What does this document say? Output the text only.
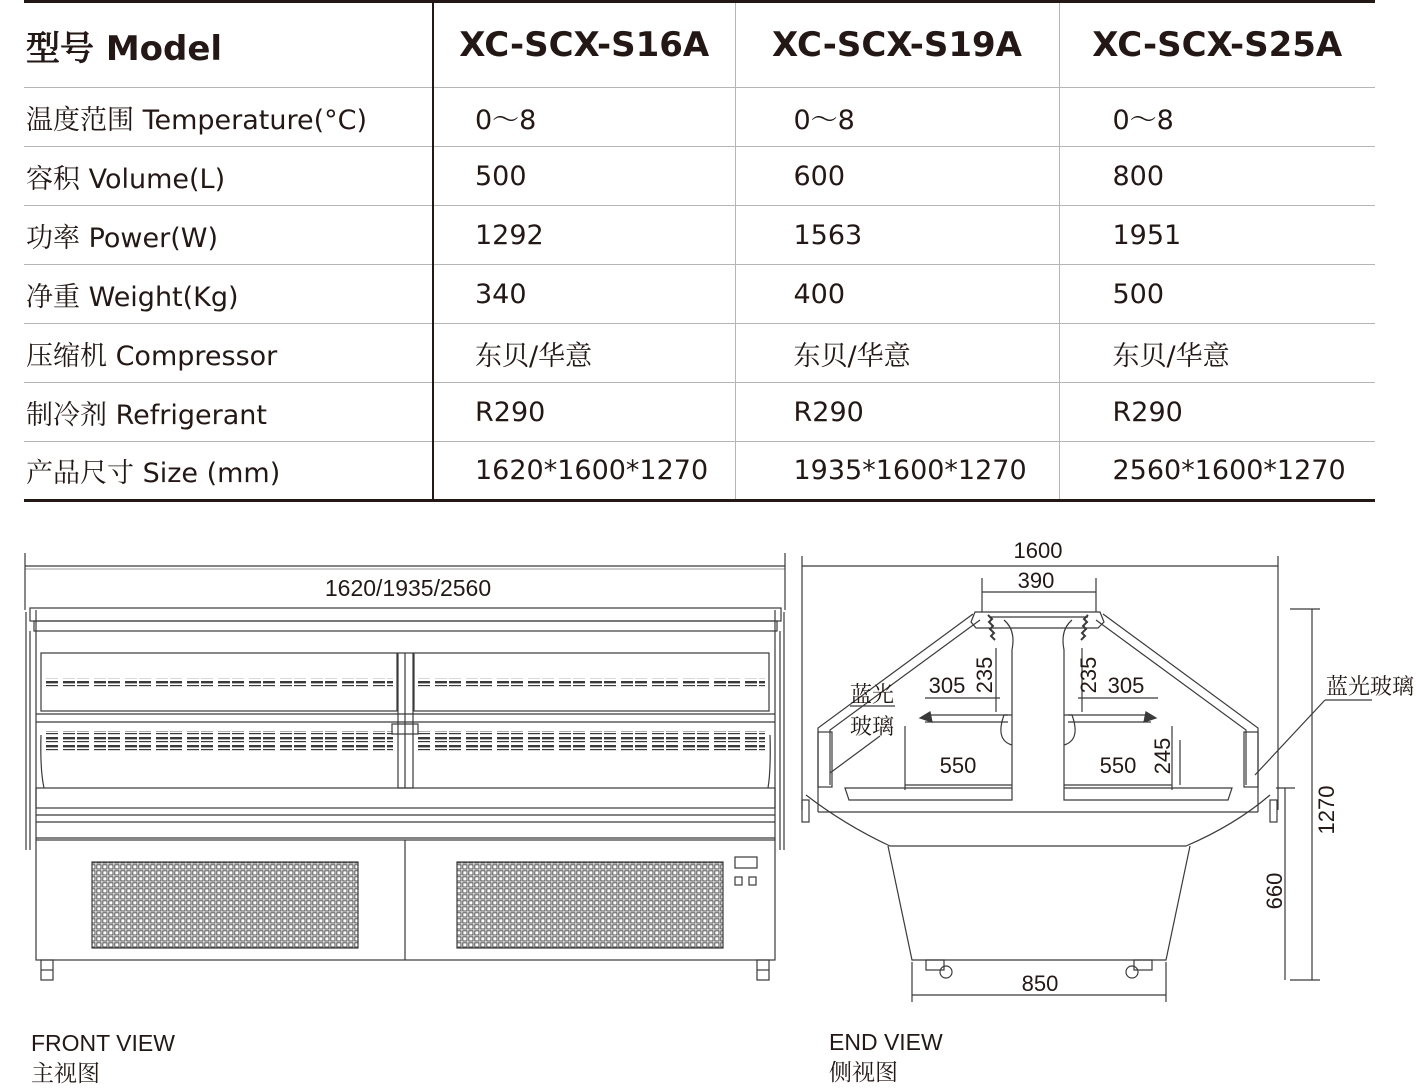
型号 Model	XC-SCX-S16A	XC-SCX-S19A	XC-SCX-S25A
温度范围 Temperature(°C)	0～8	0～8	0～8
容积 Volume(L)	500	600	800
功率 Power(W)	1292	1563	1951
净重 Weight(Kg)	340	400	500
压缩机 Compressor	东贝/华意	东贝/华意	东贝/华意
制冷剂 Refrigerant	R290	R290	R290
产品尺寸 Size (mm)	1620*1600*1270	1935*1600*1270	2560*1600*1270
1620/1935/2560
1600
390
305	305
550	550
850
235	235
245
1270
660
蓝光
玻璃
蓝光玻璃
FRONT VIEW
主视图
END VIEW
侧视图
